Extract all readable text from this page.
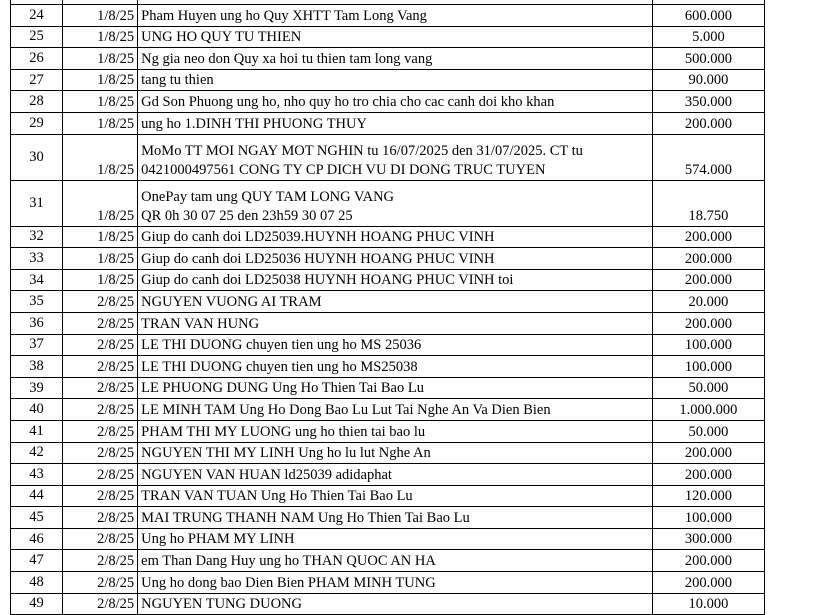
24	1/8/25	Pham Huyen ung ho Quy XHTT Tam Long Vang	600.000
25	1/8/25	UNG HO QUY TU THIEN	5.000
26	1/8/25	Ng gia neo don Quy xa hoi tu thien tam long vang	500.000
27	1/8/25	tang tu thien	90.000
28	1/8/25	Gd Son Phuong ung ho, nho quy ho tro chia cho cac canh doi kho khan	350.000
29	1/8/25	ung ho 1.DINH THI PHUONG THUY	200.000
30	1/8/25	MoMo TT MOI NGAY MOT NGHIN tu 16/07/2025 den 31/07/2025. CT tu
0421000497561 CONG TY CP DICH VU DI DONG TRUC TUYEN	574.000
31	1/8/25	OnePay tam ung QUY TAM LONG VANG
QR 0h 30 07 25 den 23h59 30 07 25	18.750
32	1/8/25	Giup do canh doi LD25039.HUYNH HOANG PHUC VINH	200.000
33	1/8/25	Giup do canh doi LD25036 HUYNH HOANG PHUC VINH	200.000
34	1/8/25	Giup do canh doi LD25038 HUYNH HOANG PHUC VINH toi	200.000
35	2/8/25	NGUYEN VUONG AI TRAM	20.000
36	2/8/25	TRAN VAN HUNG	200.000
37	2/8/25	LE THI DUONG chuyen tien ung ho MS 25036	100.000
38	2/8/25	LE THI DUONG chuyen tien ung ho MS25038	100.000
39	2/8/25	LE PHUONG DUNG Ung Ho Thien Tai Bao Lu	50.000
40	2/8/25	LE MINH TAM Ung Ho Dong Bao Lu Lut Tai Nghe An Va Dien Bien	1.000.000
41	2/8/25	PHAM THI MY LUONG ung ho thien tai bao lu	50.000
42	2/8/25	NGUYEN THI MY LINH Ung ho lu lut Nghe An	200.000
43	2/8/25	NGUYEN VAN HUAN ld25039 adidaphat	200.000
44	2/8/25	TRAN VAN TUAN Ung Ho Thien Tai Bao Lu	120.000
45	2/8/25	MAI TRUNG THANH NAM Ung Ho Thien Tai Bao Lu	100.000
46	2/8/25	Ung ho PHAM MY LINH	300.000
47	2/8/25	em Than Dang Huy ung ho THAN QUOC AN HA	200.000
48	2/8/25	Ung ho dong bao Dien Bien PHAM MINH TUNG	200.000
49	2/8/25	NGUYEN TUNG DUONG	10.000
